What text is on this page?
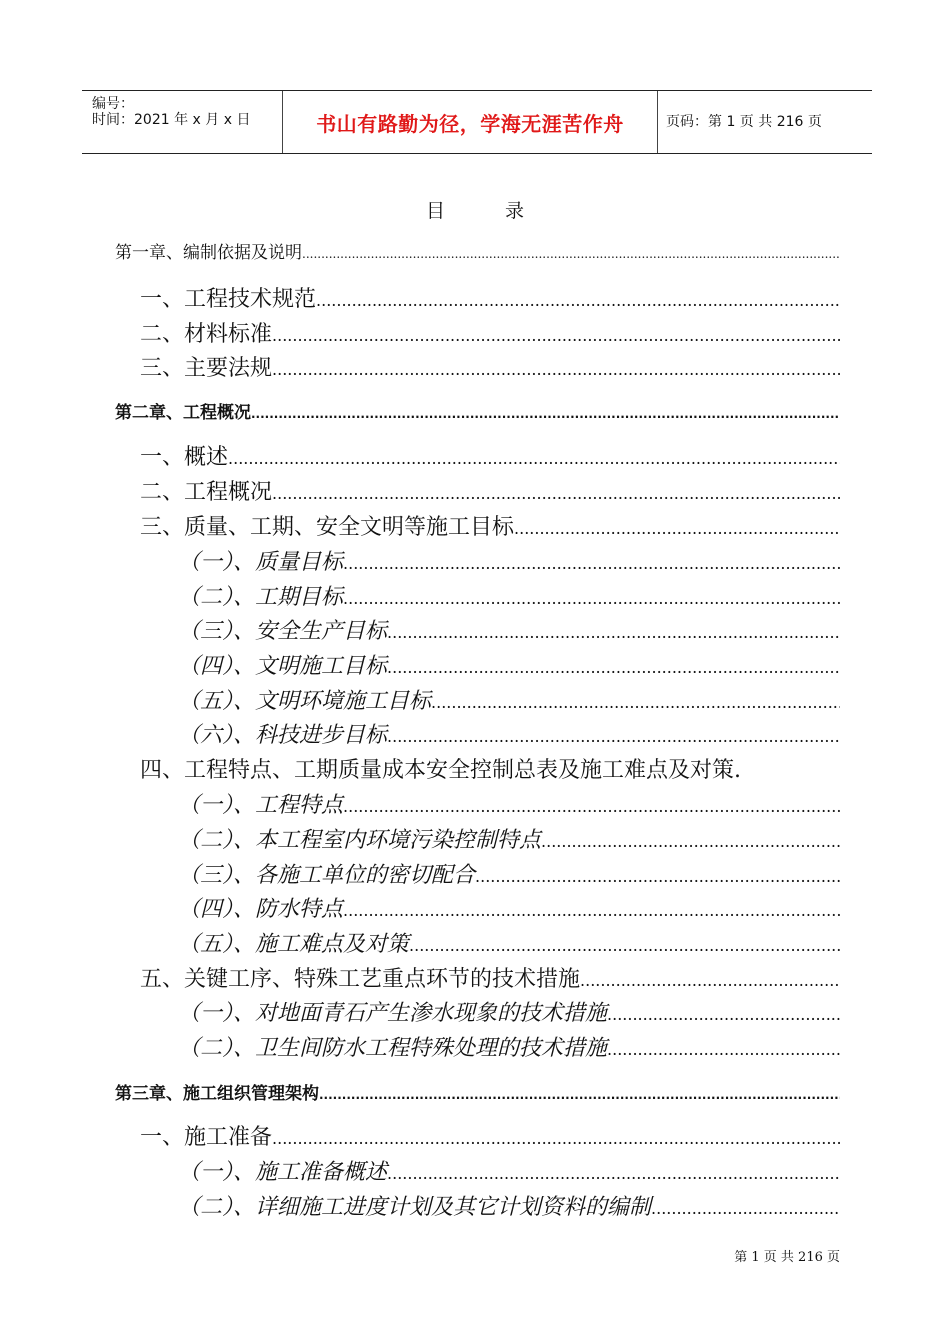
编号：
时间：2021 年 x 月 x 日	书山有路勤为径，学海无涯苦作舟	页码：第 1 页 共 216 页
目录
第一章、编制依据及说明
.....
一、工程技术规范
.....
二、材料标准
.....
三、主要法规
.....
第二章、工程概况
.....
一、概述
.....
二、工程概况
.....
三、质量、工期、安全文明等施工目标
.....
（一）、质量目标
.....
（二）、工期目标
.....
（三）、安全生产目标
.....
（四）、文明施工目标
.....
（五）、文明环境施工目标
.....
（六）、科技进步目标
.....
四、工程特点、工期质量成本安全控制总表及施工难点及对策.
（一）、工程特点
.....
（二）、本工程室内环境污染控制特点
.....
（三）、各施工单位的密切配合
.....
（四）、防水特点
.....
（五）、施工难点及对策
.....
五、关键工序、特殊工艺重点环节的技术措施
.....
（一）、对地面青石产生渗水现象的技术措施
.....
（二）、卫生间防水工程特殊处理的技术措施
.....
第三章、施工组织管理架构
.....
一、施工准备
.....
（一）、施工准备概述
.....
（二）、详细施工进度计划及其它计划资料的编制
.....
第 1 页 共 216 页
